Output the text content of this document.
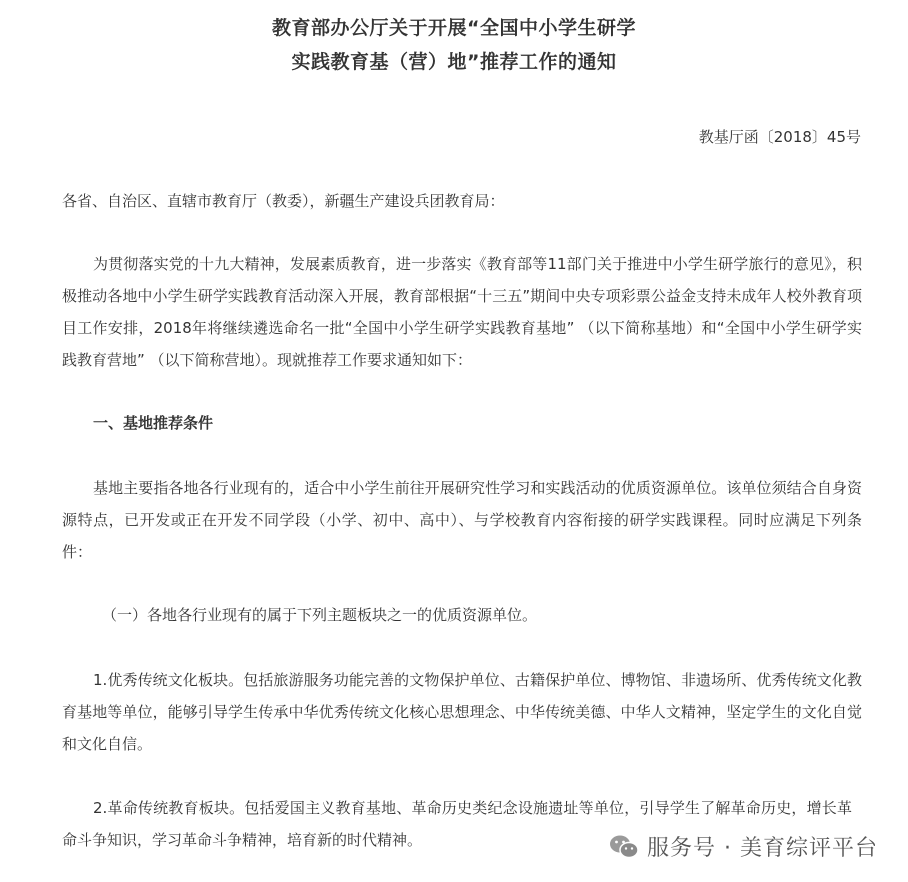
教育部办公厅关于开展“全国中小学生研学
实践教育基（营）地”推荐工作的通知
教基厅函〔2018〕45号
各省、自治区、直辖市教育厅（教委），新疆生产建设兵团教育局：
为贯彻落实党的十九大精神，发展素质教育，进一步落实《教育部等11部门关于推进中小学生研学旅行的意见》，积极推动各地中小学生研学实践教育活动深入开展，教育部根据“十三五”期间中央专项彩票公益金支持未成年人校外教育项目工作安排，2018年将继续遴选命名一批“全国中小学生研学实践教育基地” （以下简称基地）和“全国中小学生研学实践教育营地” （以下简称营地）。现就推荐工作要求通知如下：
一、基地推荐条件
基地主要指各地各行业现有的，适合中小学生前往开展研究性学习和实践活动的优质资源单位。该单位须结合自身资源特点，已开发或正在开发不同学段（小学、初中、高中）、与学校教育内容衔接的研学实践课程。同时应满足下列条件：
（一）各地各行业现有的属于下列主题板块之一的优质资源单位。
1.优秀传统文化板块。包括旅游服务功能完善的文物保护单位、古籍保护单位、博物馆、非遗场所、优秀传统文化教育基地等单位，能够引导学生传承中华优秀传统文化核心思想理念、中华传统美德、中华人文精神，坚定学生的文化自觉和文化自信。
2.革命传统教育板块。包括爱国主义教育基地、革命历史类纪念设施遗址等单位，引导学生了解革命历史，增长革命斗争知识，学习革命斗争精神，培育新的时代精神。	服务号 · 美育综评平台
